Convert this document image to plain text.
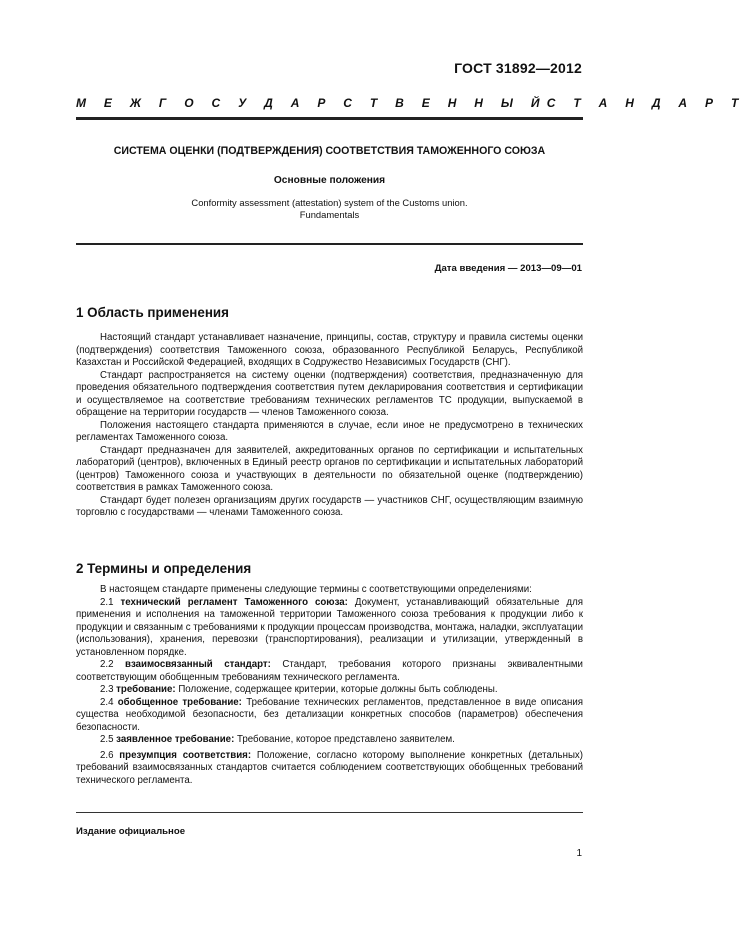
ГОСТ 31892—2012
М Е Ж Г О С У Д А Р С Т В Е Н Н Ы Й С Т А Н Д А Р Т
СИСТЕМА ОЦЕНКИ (ПОДТВЕРЖДЕНИЯ) СООТВЕТСТВИЯ ТАМОЖЕННОГО СОЮЗА
Основные положения
Conformity assessment (attestation) system of the Customs union.
Fundamentals
Дата введения — 2013—09—01
1 Область применения

Настоящий стандарт устанавливает назначение, принципы, состав, структуру и правила системы оценки (подтверждения) соответствия Таможенного союза, образованного Республикой Беларусь, Республикой Казахстан и Российской Федерацией, входящих в Содружество Независимых Государств (СНГ).

Стандарт распространяется на систему оценки (подтверждения) соответствия, предназначенную для проведения обязательного подтверждения соответствия путем декларирования соответствия и сертификации и осуществляемое на соответствие требованиям технических регламентов ТС продукции, выпускаемой в обращение на территории государств — членов Таможенного союза.

Положения настоящего стандарта применяются в случае, если иное не предусмотрено в технических регламентах Таможенного союза.

Стандарт предназначен для заявителей, аккредитованных органов по сертификации и испытательных лабораторий (центров), включенных в Единый реестр органов по сертификации и испытательных лабораторий (центров) Таможенного союза и участвующих в деятельности по обязательной оценке (подтверждению) соответствия в рамках Таможенного союза.

Стандарт будет полезен организациям других государств — участников СНГ, осуществляющим взаимную торговлю с государствами — членами Таможенного союза.

2 Термины и определения

В настоящем стандарте применены следующие термины с соответствующими определениями:

2.1 технический регламент Таможенного союза: Документ, устанавливающий обязательные для применения и исполнения на таможенной территории Таможенного союза требования к продукции либо к продукции и связанным с требованиями к продукции процессам производства, монтажа, наладки, эксплуатации (использования), хранения, перевозки (транспортирования), реализации и утилизации, утвержденный в установленном порядке.

2.2 взаимосвязанный стандарт: Стандарт, требования которого признаны эквивалентными соответствующим обобщенным требованиям технического регламента.

2.3 требование: Положение, содержащее критерии, которые должны быть соблюдены.

2.4 обобщенное требование: Требование технических регламентов, представленное в виде описания существа необходимой безопасности, без детализации конкретных способов (параметров) обеспечения безопасности.

2.5 заявленное требование: Требование, которое представлено заявителем.

2.6 презумпция соответствия: Положение, согласно которому выполнение конкретных (детальных) требований взаимосвязанных стандартов считается соблюдением соответствующих обобщенных требований технического регламента.

Издание официальное
1
